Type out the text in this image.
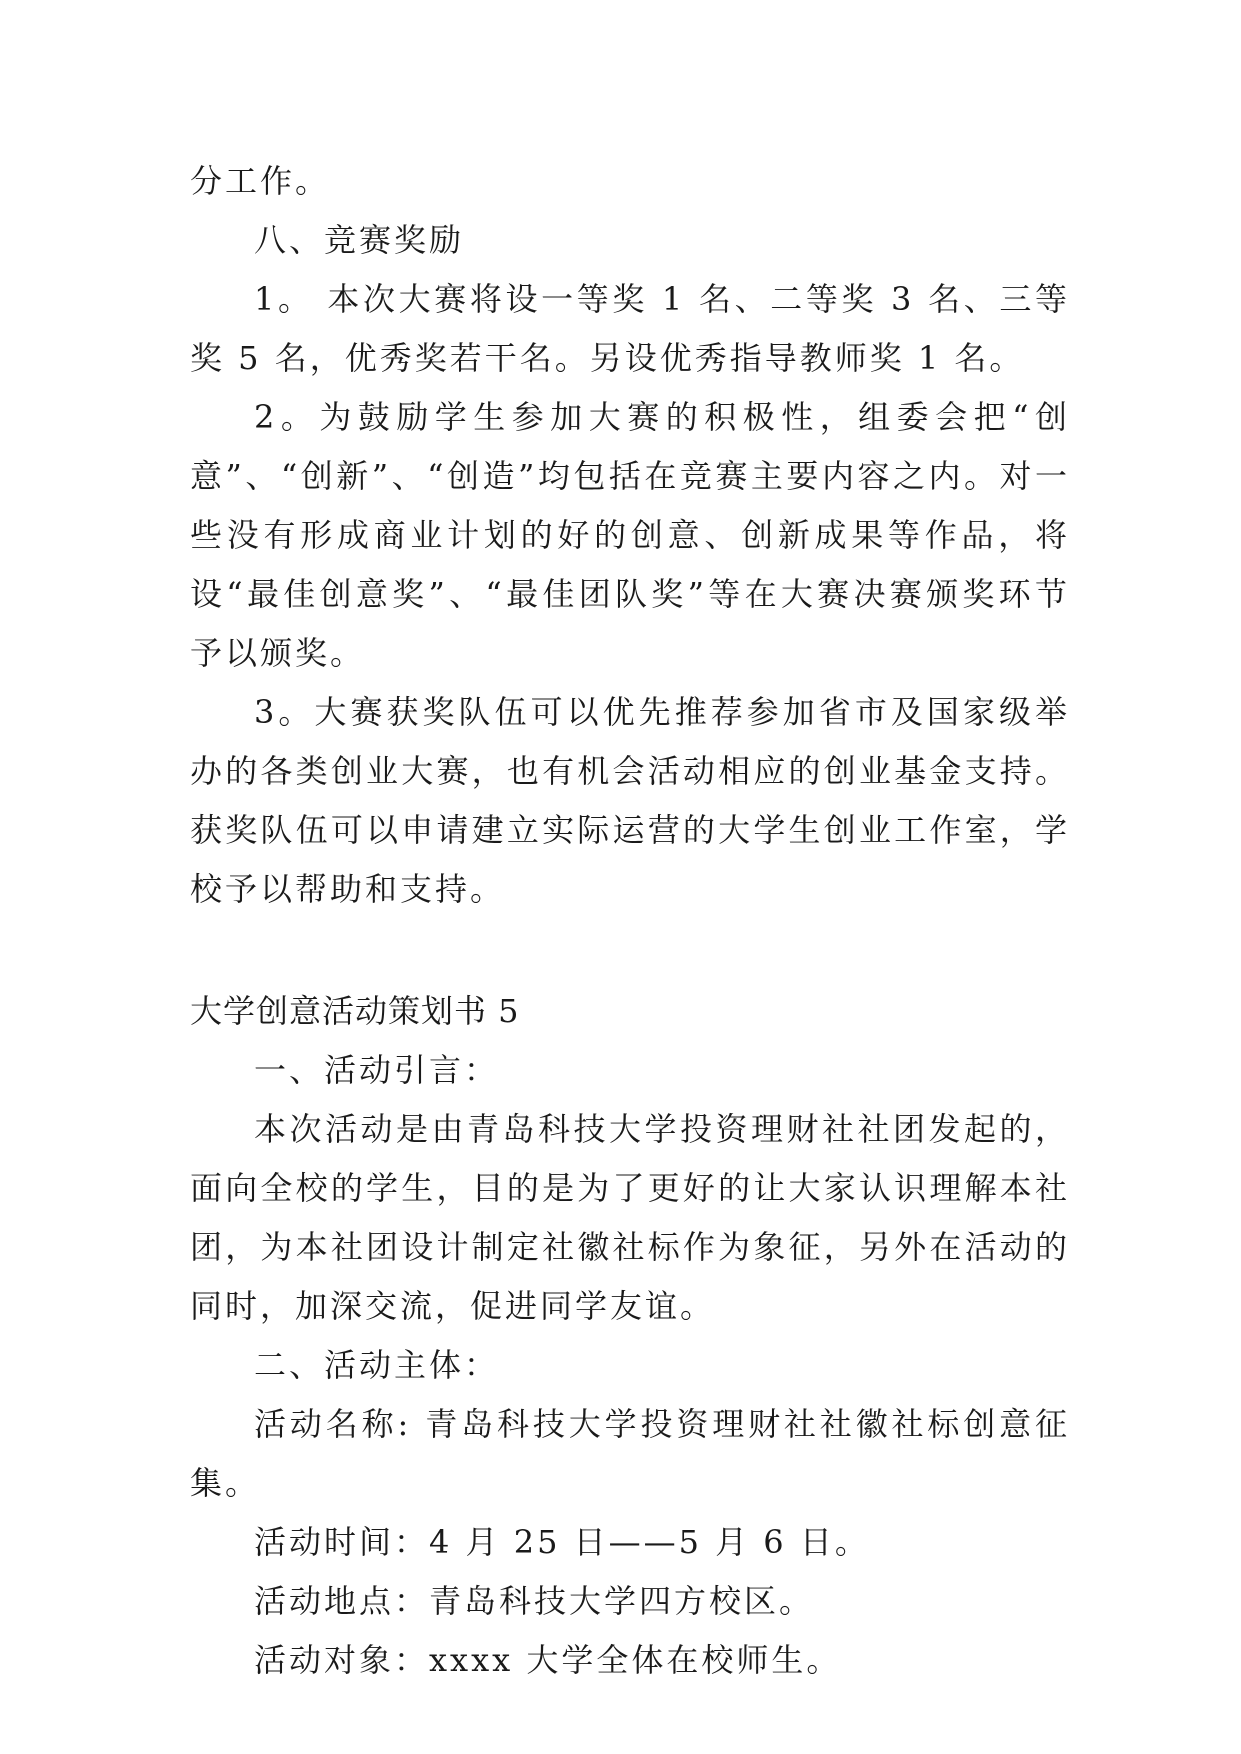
分工作。

八、竞赛奖励

1。 本次大赛将设一等奖 1 名、二等奖 3 名、三等奖 5 名，优秀奖若干名。另设优秀指导教师奖 1 名。

2。为鼓励学生参加大赛的积极性，组委会把“创意”、“创新”、“创造”均包括在竞赛主要内容之内。对一些没有形成商业计划的好的创意、创新成果等作品，将设“最佳创意奖”、“最佳团队奖”等在大赛决赛颁奖环节予以颁奖。

3。大赛获奖队伍可以优先推荐参加省市及国家级举办的各类创业大赛，也有机会活动相应的创业基金支持。获奖队伍可以申请建立实际运营的大学生创业工作室，学校予以帮助和支持。

大学创意活动策划书 5

一、活动引言：

本次活动是由青岛科技大学投资理财社社团发起的，面向全校的学生，目的是为了更好的让大家认识理解本社团，为本社团设计制定社徽社标作为象征，另外在活动的同时，加深交流，促进同学友谊。

二、活动主体：

活动名称: 青岛科技大学投资理财社社徽社标创意征集。

活动时间：4 月 25 日——5 月 6 日。

活动地点：青岛科技大学四方校区。

活动对象：xxxx 大学全体在校师生。
